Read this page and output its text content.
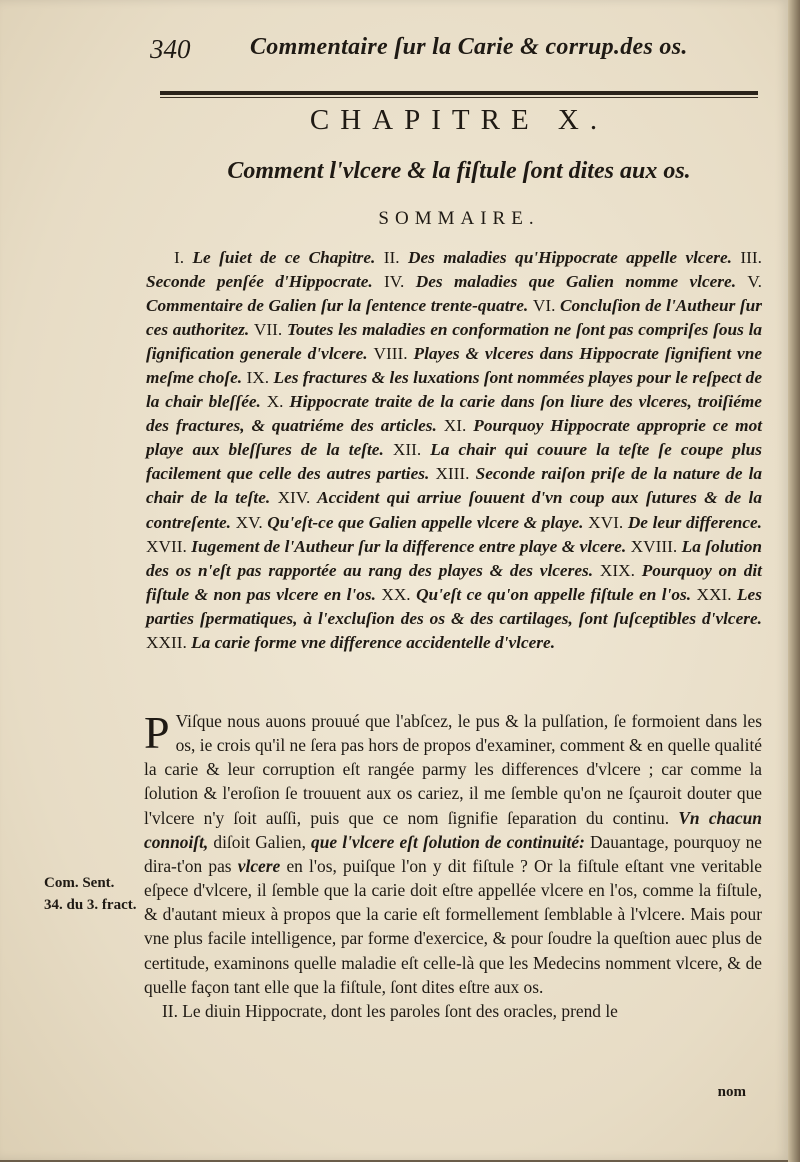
340 Commentaire ſur la Carie & corrup.des os.
CHAPITRE X.
Comment l'vlcere & la fiſtule ſont dites aux os.
SOMMAIRE.
I. Le ſuiet de ce Chapitre. II. Des maladies qu'Hippocrate appelle vlcere. III. Seconde penſée d'Hippocrate. IV. Des maladies que Galien nomme vlcere. V. Commentaire de Galien ſur la ſentence trente-quatre. VI. Concluſion de l'Autheur ſur ces authoritez. VII. Toutes les maladies en conformation ne ſont pas compriſes ſous la ſignification generale d'vlcere. VIII. Playes & vlceres dans Hippocrate ſignifient vne meſme choſe. IX. Les fractures & les luxations ſont nommées playes pour le reſpect de la chair bleſſée. X. Hippocrate traite de la carie dans ſon liure des vlceres, troiſiéme des fractures, & quatriéme des articles. XI. Pourquoy Hippocrate approprie ce mot playe aux bleſſures de la teſte. XII. La chair qui couure la teſte ſe coupe plus facilement que celle des autres parties. XIII. Seconde raiſon priſe de la nature de la chair de la teſte. XIV. Accident qui arriue ſouuent d'vn coup aux ſutures & de la contreſente. XV. Qu'eſt-ce que Galien appelle vlcere & playe. XVI. De leur difference. XVII. Iugement de l'Autheur ſur la difference entre playe & vlcere. XVIII. La ſolution des os n'eſt pas rapportée au rang des playes & des vlceres. XIX. Pourquoy on dit fiſtule & non pas vlcere en l'os. XX. Qu'eſt ce qu'on appelle fiſtule en l'os. XXI. Les parties ſpermatiques, à l'excluſion des os & des cartilages, ſont ſuſceptibles d'vlcere. XXII. La carie forme vne difference accidentelle d'vlcere.

P Viſque nous auons prouué que l'abſcez, le pus & la pulſation, ſe formoient dans les os, ie crois qu'il ne ſera pas hors de propos d'examiner, comment & en quelle qualité la carie & leur corruption eſt rangée parmy les differences d'vlcere ; car comme la ſolution & l'eroſion ſe trouuent aux os cariez, il me ſemble qu'on ne ſçauroit douter que l'vlcere n'y ſoit auſſi, puis que ce nom ſignifie ſeparation du continu. Vn chacun connoiſt, diſoit Galien, que l'vlcere eſt ſolution de continuité: Dauantage, pourquoy ne dira-t'on pas vlcere en l'os, puiſque l'on y dit fiſtule ? Or la fiſtule eſtant vne veritable eſpece d'vlcere, il ſemble que la carie doit eſtre appellée vlcere en l'os, comme la fiſtule, & d'autant mieux à propos que la carie eſt formellement ſemblable à l'vlcere. Mais pour vne plus facile intelligence, par forme d'exercice, & pour ſoudre la queſtion auec plus de certitude, examinons quelle maladie eſt celle-là que les Medecins nomment vlcere, & de quelle façon tant elle que la fiſtule, ſont dites eſtre aux os.

II. Le diuin Hippocrate, dont les paroles ſont des oracles, prend le

Com. Sent.
34. du 3. fract.
nom
